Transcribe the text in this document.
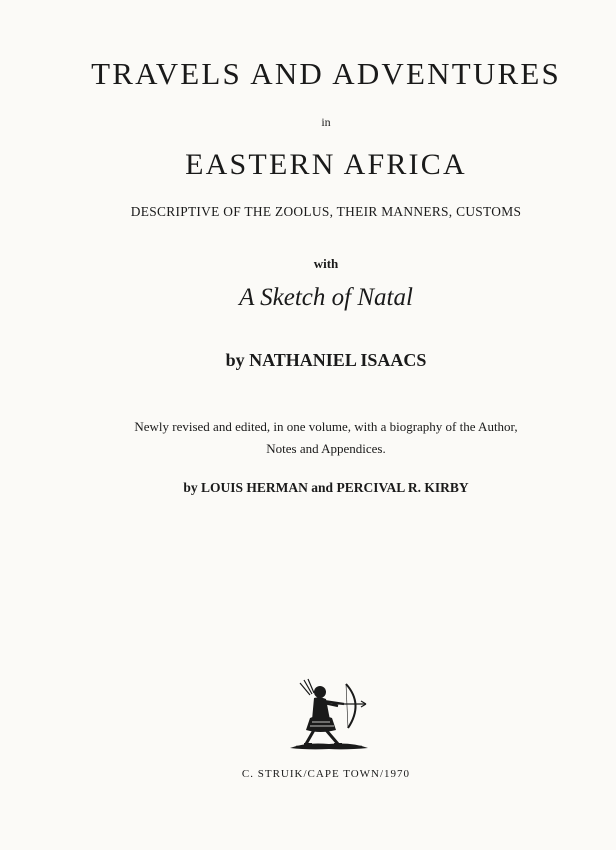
TRAVELS AND ADVENTURES
in
EASTERN AFRICA
DESCRIPTIVE OF THE ZOOLUS, THEIR MANNERS, CUSTOMS
with
A Sketch of Natal
by NATHANIEL ISAACS
Newly revised and edited, in one volume, with a biography of the Author,
Notes and Appendices.
by LOUIS HERMAN and PERCIVAL R. KIRBY
C. STRUIK/CAPE TOWN/1970
